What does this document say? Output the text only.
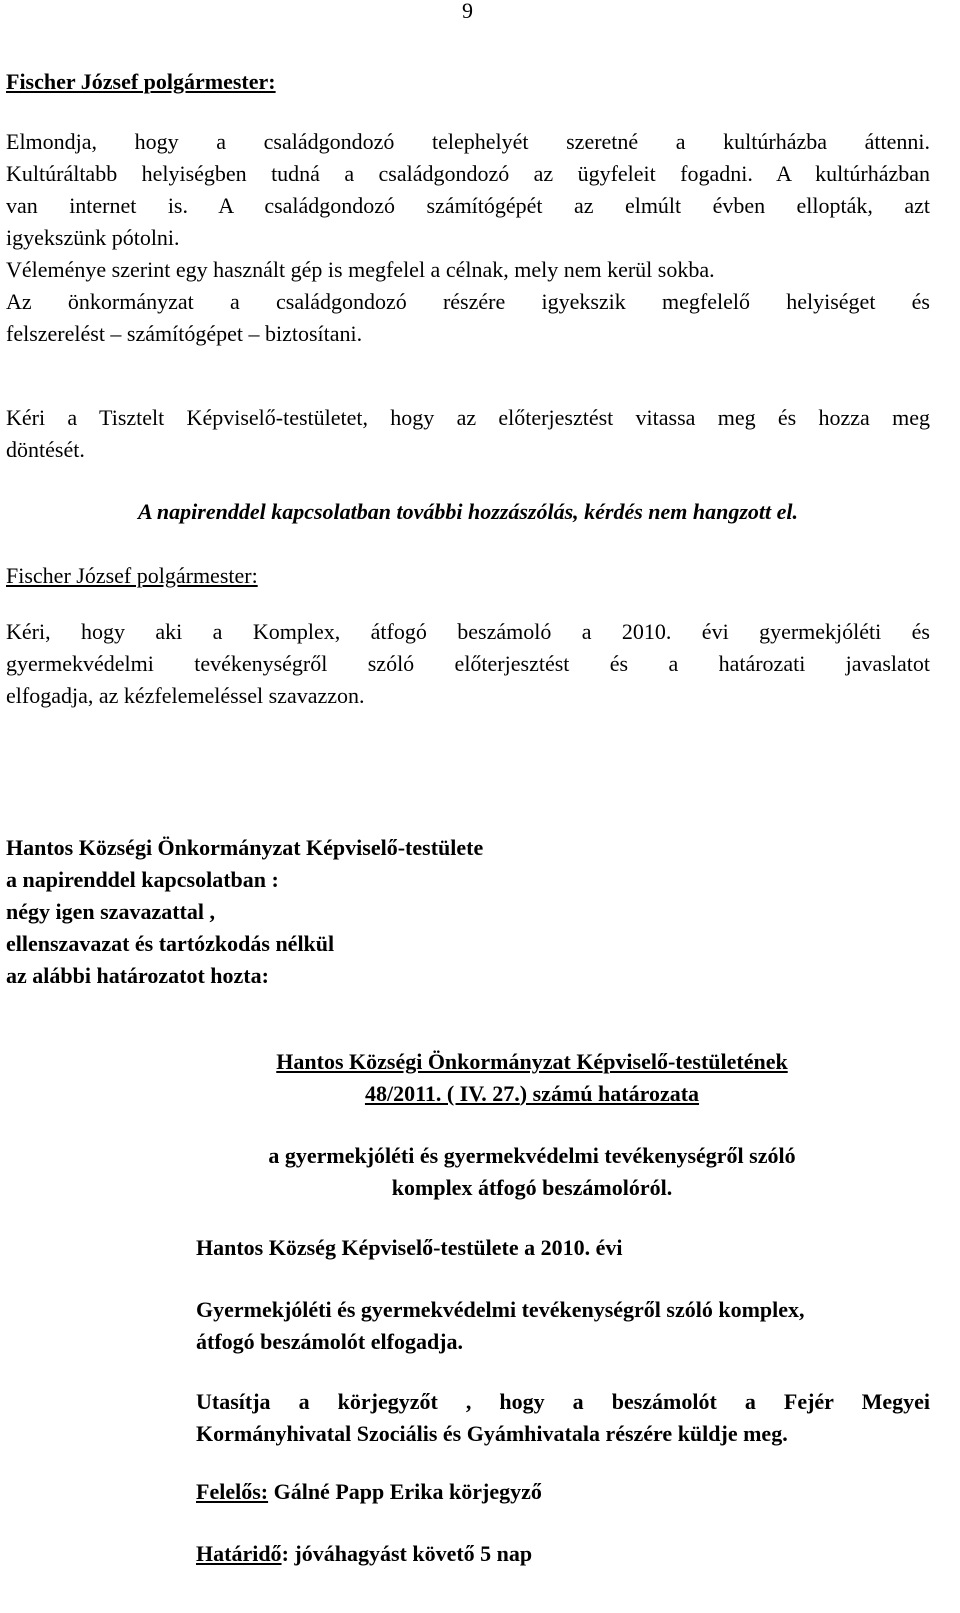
9
Fischer József polgármester:
Elmondja, hogy a családgondozó telephelyét szeretné a kultúrházba áttenni.
Kultúráltabb helyiségben tudná a családgondozó az ügyfeleit fogadni. A kultúrházban
van internet is. A családgondozó számítógépét az elmúlt évben ellopták, azt
igyekszünk pótolni.
Véleménye szerint egy használt gép is megfelel a célnak, mely nem kerül sokba.
Az önkormányzat a családgondozó részére igyekszik megfelelő helyiséget és
felszerelést – számítógépet – biztosítani.
Kéri a Tisztelt Képviselő-testületet, hogy az előterjesztést vitassa meg és hozza meg
döntését.
A napirenddel kapcsolatban további hozzászólás, kérdés nem hangzott el.
Fischer József polgármester:
Kéri, hogy aki a Komplex, átfogó beszámoló a 2010. évi gyermekjóléti és
gyermekvédelmi tevékenységről szóló előterjesztést és a határozati javaslatot
elfogadja, az kézfelemeléssel szavazzon.
Hantos Községi Önkormányzat Képviselő-testülete
a napirenddel kapcsolatban :
négy igen szavazattal ,
ellenszavazat és tartózkodás nélkül
az alábbi határozatot hozta:
Hantos Községi Önkormányzat Képviselő-testületének
48/2011. ( IV. 27.) számú határozata
a gyermekjóléti és gyermekvédelmi tevékenységről szóló
komplex átfogó beszámolóról.
Hantos Község Képviselő-testülete a 2010. évi
Gyermekjóléti és gyermekvédelmi tevékenységről szóló komplex,
átfogó beszámolót elfogadja.
Utasítja a körjegyzőt , hogy a beszámolót a Fejér Megyei
Kormányhivatal Szociális és Gyámhivatala részére küldje meg.
Felelős: Gálné Papp Erika körjegyző
Határidő: jóváhagyást követő 5 nap
